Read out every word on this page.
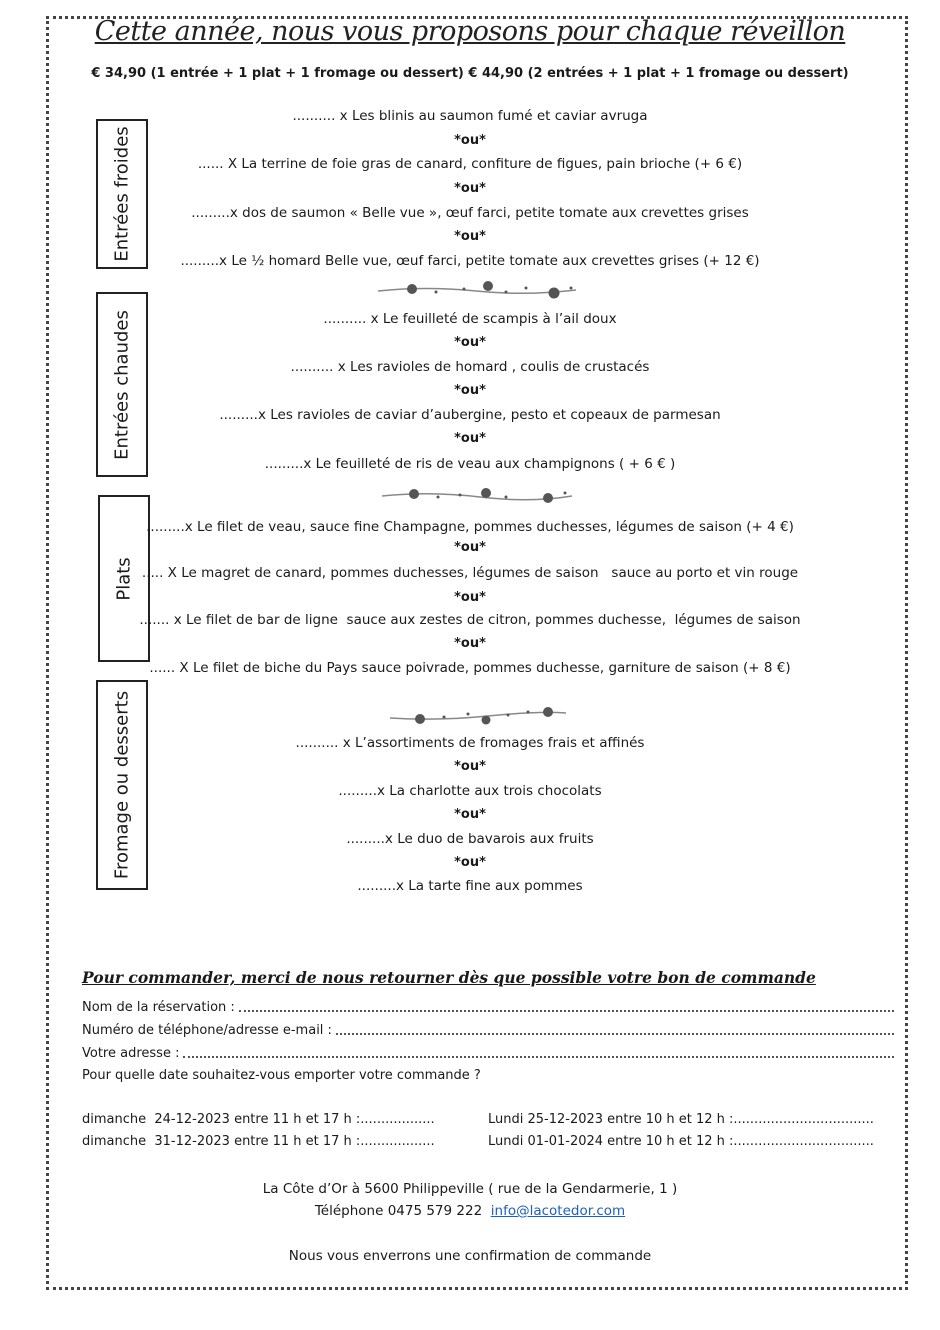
Cette année, nous vous proposons pour chaque réveillon
€ 34,90 (1 entrée + 1 plat + 1 fromage ou dessert) € 44,90 (2 entrées + 1 plat + 1 fromage ou dessert)
Entrées froides
.......... x Les blinis au saumon fumé et caviar avruga
*ou*
...... X La terrine de foie gras de canard, confiture de figues, pain brioche (+ 6 €)
*ou*
.........x dos de saumon « Belle vue », œuf farci, petite tomate aux crevettes grises
*ou*
.........x Le ½ homard Belle vue, œuf farci, petite tomate aux crevettes grises (+ 12 €)
Entrées chaudes	.......... x Le feuilleté de scampis à l’ail doux
*ou*
.......... x Les ravioles de homard , coulis de crustacés
*ou*
.........x Les ravioles de caviar d’aubergine, pesto et copeaux de parmesan
*ou*
.........x Le feuilleté de ris de veau aux champignons ( + 6 € )
Plats
.........x Le filet de veau, sauce fine Champagne, pommes duchesses, légumes de saison (+ 4 €)
*ou*
..... X Le magret de canard, pommes duchesses, légumes de saison   sauce au porto et vin rouge
*ou*
....... x Le filet de bar de ligne  sauce aux zestes de citron, pommes duchesse,  légumes de saison
*ou*
...... X Le filet de biche du Pays sauce poivrade, pommes duchesse, garniture de saison (+ 8 €)
Fromage ou desserts	.......... x L’assortiments de fromages frais et affinés
*ou*
.........x La charlotte aux trois chocolats
*ou*
.........x Le duo de bavarois aux fruits
*ou*
.........x La tarte fine aux pommes
Pour commander, merci de nous retourner dès que possible votre bon de commande
Nom de la réservation :
Numéro de téléphone/adresse e-mail :
Votre adresse :
Pour quelle date souhaitez-vous emporter votre commande ?
dimanche  24-12-2023 entre 11 h et 17 h :..................	Lundi 25-12-2023 entre 10 h et 12 h :..................................
dimanche  31-12-2023 entre 11 h et 17 h :..................	Lundi 01-01-2024 entre 10 h et 12 h :..................................
La Côte d’Or à 5600 Philippeville ( rue de la Gendarmerie, 1 )
Téléphone 0475 579 222 info@lacotedor.com
Nous vous enverrons une confirmation de commande
